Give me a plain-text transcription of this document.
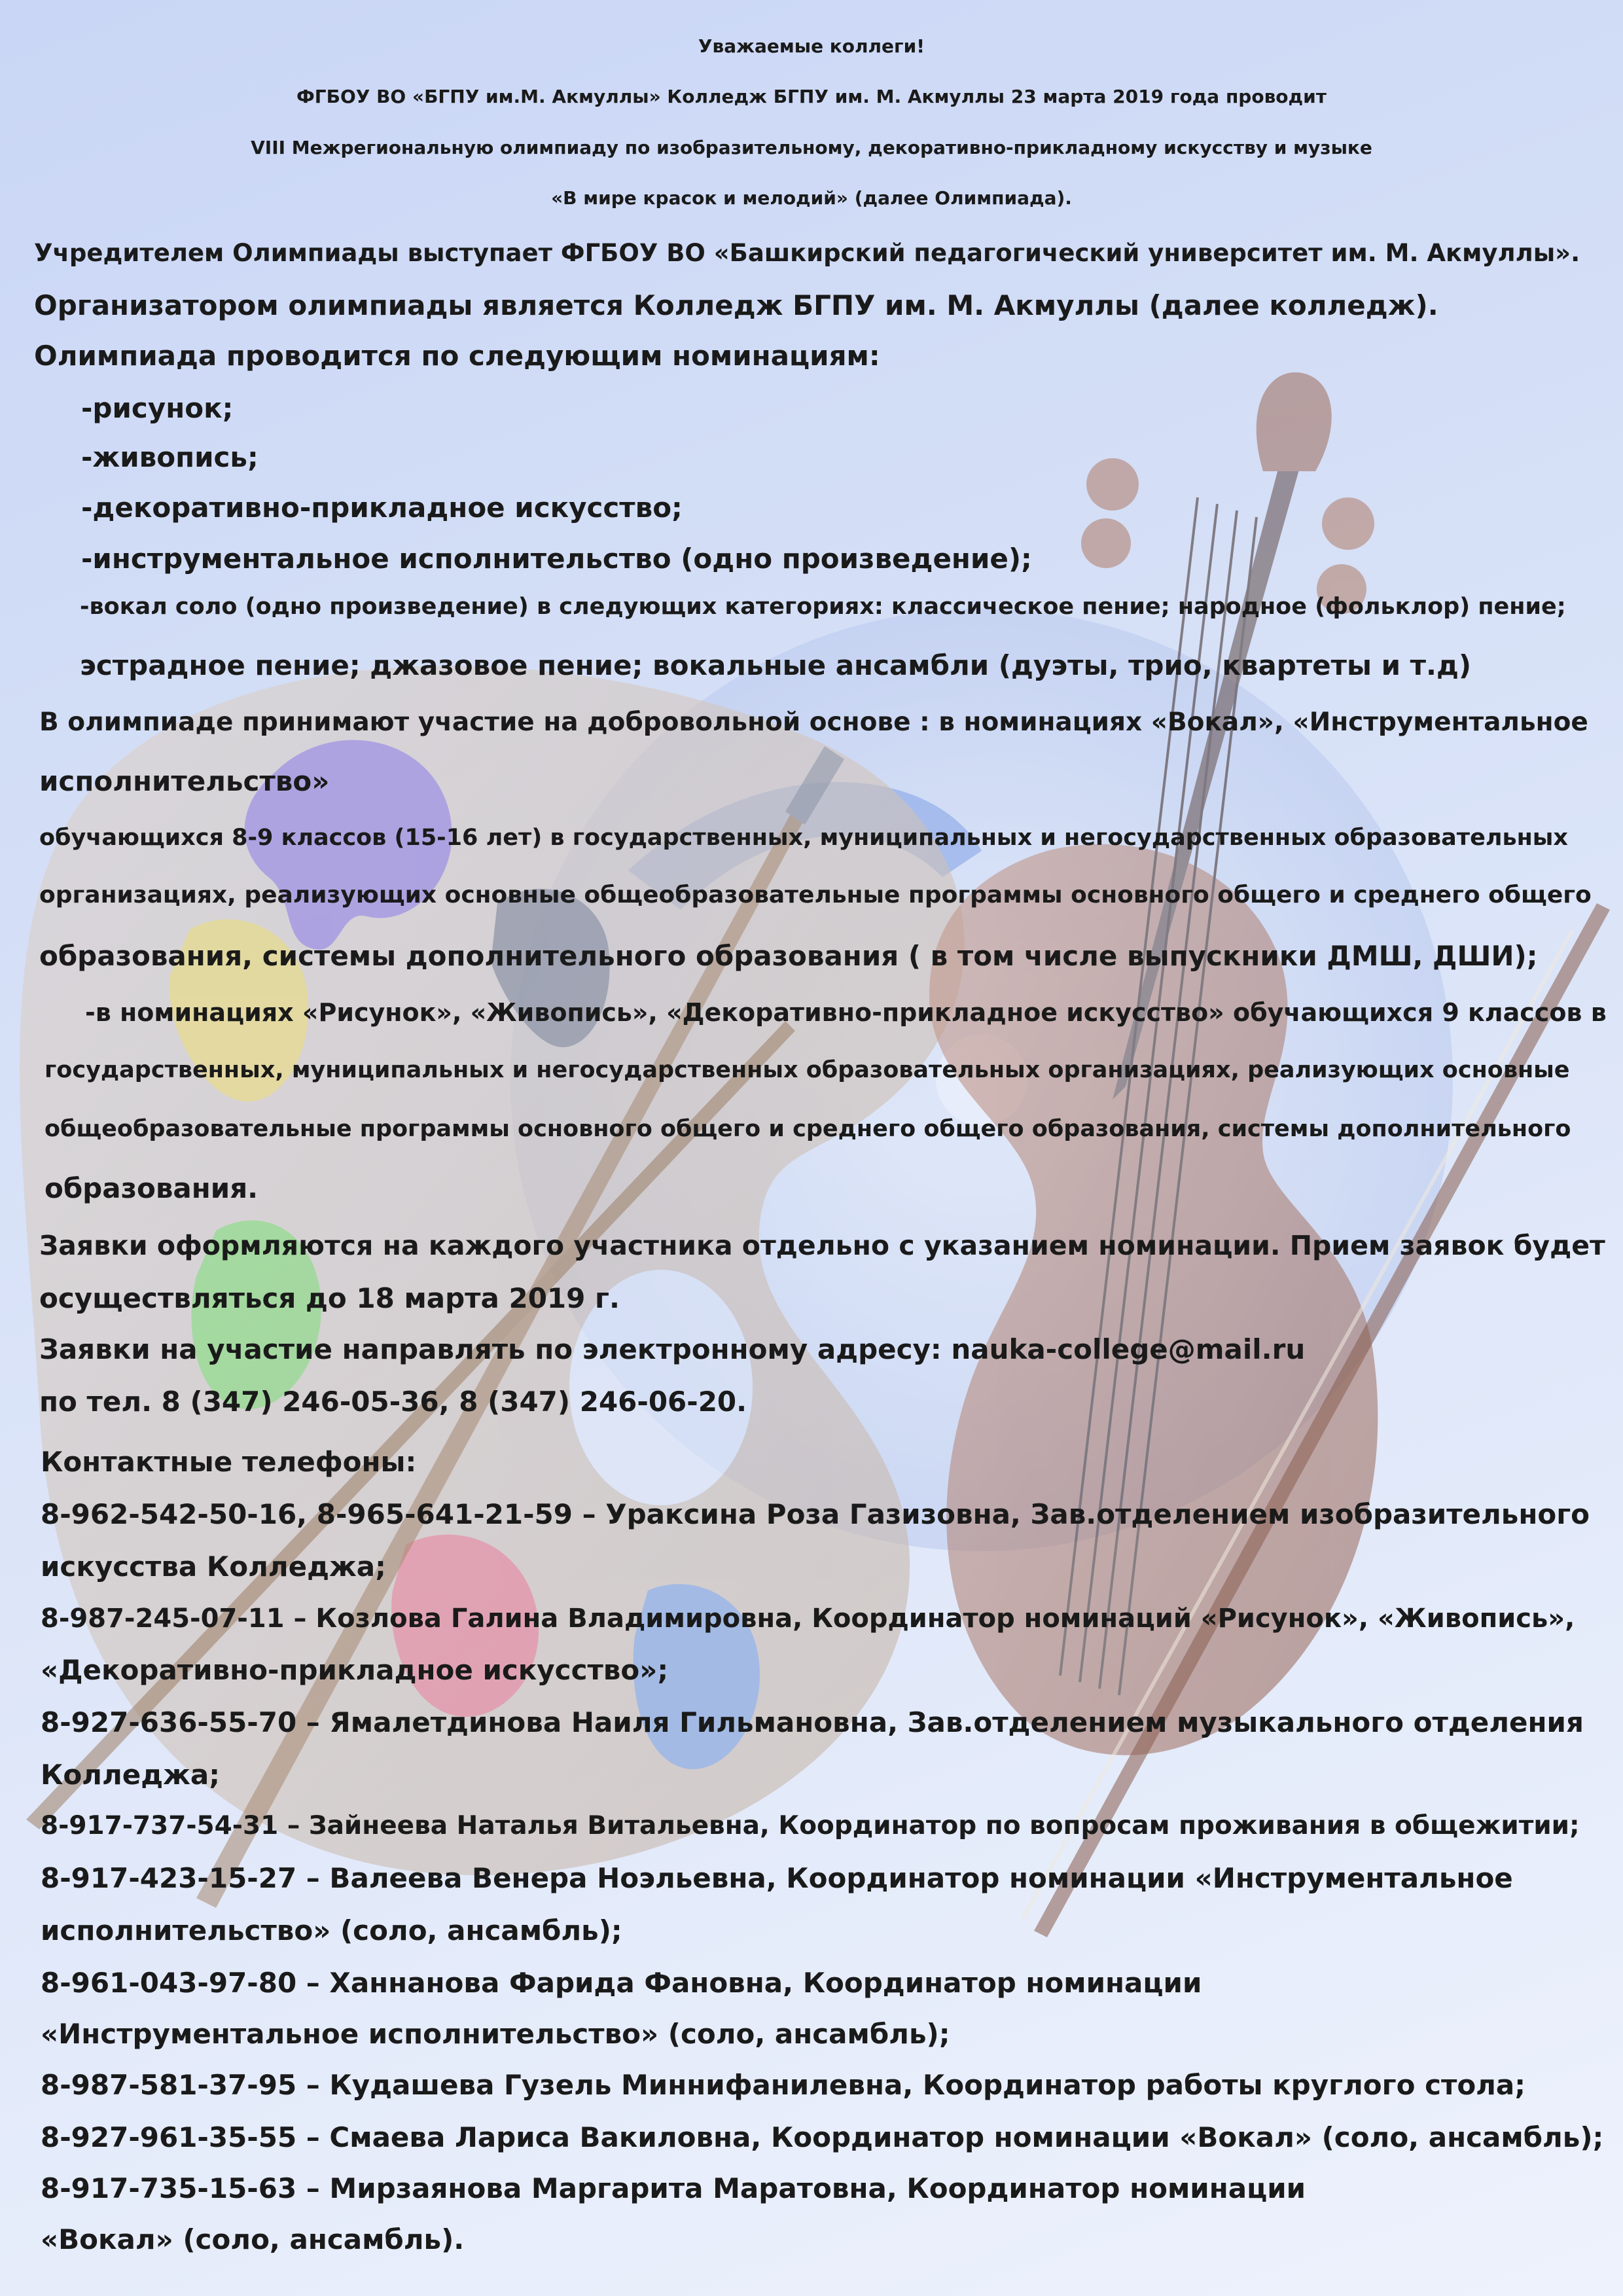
Уважаемые коллеги!

ФГБОУ ВО «БГПУ им.М. Акмуллы» Колледж БГПУ им. М. Акмуллы 23 марта 2019 года проводит

VIII Межрегиональную олимпиаду по изобразительному, декоративно-прикладному искусству и музыке

«В мире красок и мелодий» (далее Олимпиада).

Учредителем Олимпиады выступает ФГБОУ ВО «Башкирский педагогический университет им. М. Акмуллы».

Организатором олимпиады является Колледж БГПУ им. М. Акмуллы (далее колледж).

Олимпиада проводится по следующим номинациям:

-рисунок;

-живопись;

-декоративно-прикладное искусство;

-инструментальное исполнительство (одно произведение);

-вокал соло (одно произведение) в следующих категориях: классическое пение; народное (фольклор) пение;

эстрадное пение; джазовое пение; вокальные ансамбли (дуэты, трио, квартеты и т.д)

В олимпиаде принимают участие на добровольной основе : в номинациях «Вокал», «Инструментальное

исполнительство»

обучающихся 8-9 классов (15-16 лет) в государственных, муниципальных и негосударственных образовательных

организациях, реализующих основные общеобразовательные программы основного общего и среднего общего

образования, системы дополнительного образования ( в том числе выпускники ДМШ, ДШИ);

-в номинациях «Рисунок», «Живопись», «Декоративно-прикладное искусство» обучающихся 9 классов в

государственных, муниципальных и негосударственных образовательных организациях, реализующих основные

общеобразовательные программы основного общего и среднего общего образования, системы дополнительного

образования.

Заявки оформляются на каждого участника отдельно с указанием номинации. Прием заявок будет

осуществляться до 18 марта 2019 г.

Заявки на участие направлять по электронному адресу: nauka-college@mail.ru

по тел. 8 (347) 246-05-36, 8 (347) 246-06-20.

Контактные телефоны:

8-962-542-50-16, 8-965-641-21-59 – Ураксина Роза Газизовна, Зав.отделением изобразительного

искусства Колледжа;

8-987-245-07-11 – Козлова Галина Владимировна, Координатор номинаций «Рисунок», «Живопись»,

«Декоративно-прикладное искусство»;

8-927-636-55-70 – Ямалетдинова Наиля Гильмановна, Зав.отделением музыкального отделения

Колледжа;

8-917-737-54-31 – Зайнеева Наталья Витальевна, Координатор по вопросам проживания в общежитии;

8-917-423-15-27 – Валеева Венера Ноэльевна, Координатор номинации «Инструментальное

исполнительство» (соло, ансамбль);

8-961-043-97-80 – Ханнанова Фарида Фановна, Координатор номинации

«Инструментальное исполнительство» (соло, ансамбль);

8-987-581-37-95 – Кудашева Гузель Миннифанилевна, Координатор работы круглого стола;

8-927-961-35-55 – Смаева Лариса Вакиловна, Координатор номинации «Вокал» (соло, ансамбль);

8-917-735-15-63 – Мирзаянова Маргарита Маратовна, Координатор номинации

«Вокал» (соло, ансамбль).
